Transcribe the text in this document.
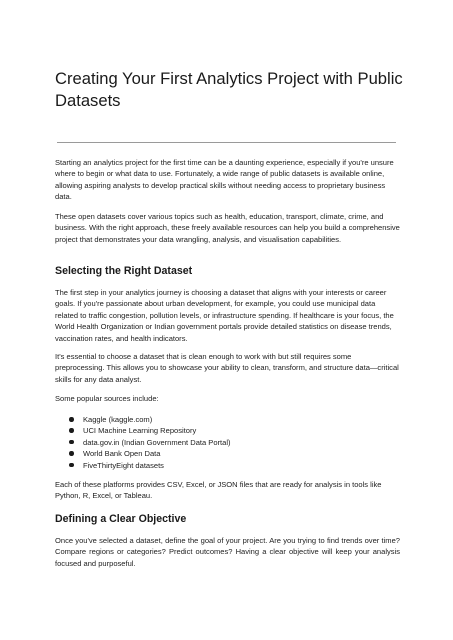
Creating Your First Analytics Project with Public
Datasets

Starting an analytics project for the first time can be a daunting experience, especially if you're unsure where to begin or what data to use. Fortunately, a wide range of public datasets is available online, allowing aspiring analysts to develop practical skills without needing access to proprietary business data.

These open datasets cover various topics such as health, education, transport, climate, crime, and business. With the right approach, these freely available resources can help you build a comprehensive project that demonstrates your data wrangling, analysis, and visualisation capabilities.

Selecting the Right Dataset

The first step in your analytics journey is choosing a dataset that aligns with your interests or career goals. If you're passionate about urban development, for example, you could use municipal data related to traffic congestion, pollution levels, or infrastructure spending. If healthcare is your focus, the World Health Organization or Indian government portals provide detailed statistics on disease trends, vaccination rates, and health indicators.

It's essential to choose a dataset that is clean enough to work with but still requires some preprocessing. This allows you to showcase your ability to clean, transform, and structure data—critical skills for any data analyst.

Some popular sources include:

Kaggle (kaggle.com)
UCI Machine Learning Repository
data.gov.in (Indian Government Data Portal)
World Bank Open Data
FiveThirtyEight datasets

Each of these platforms provides CSV, Excel, or JSON files that are ready for analysis in tools like Python, R, Excel, or Tableau.

Defining a Clear Objective

Once you've selected a dataset, define the goal of your project. Are you trying to find trends over time? Compare regions or categories? Predict outcomes? Having a clear objective will keep your analysis focused and purposeful.
